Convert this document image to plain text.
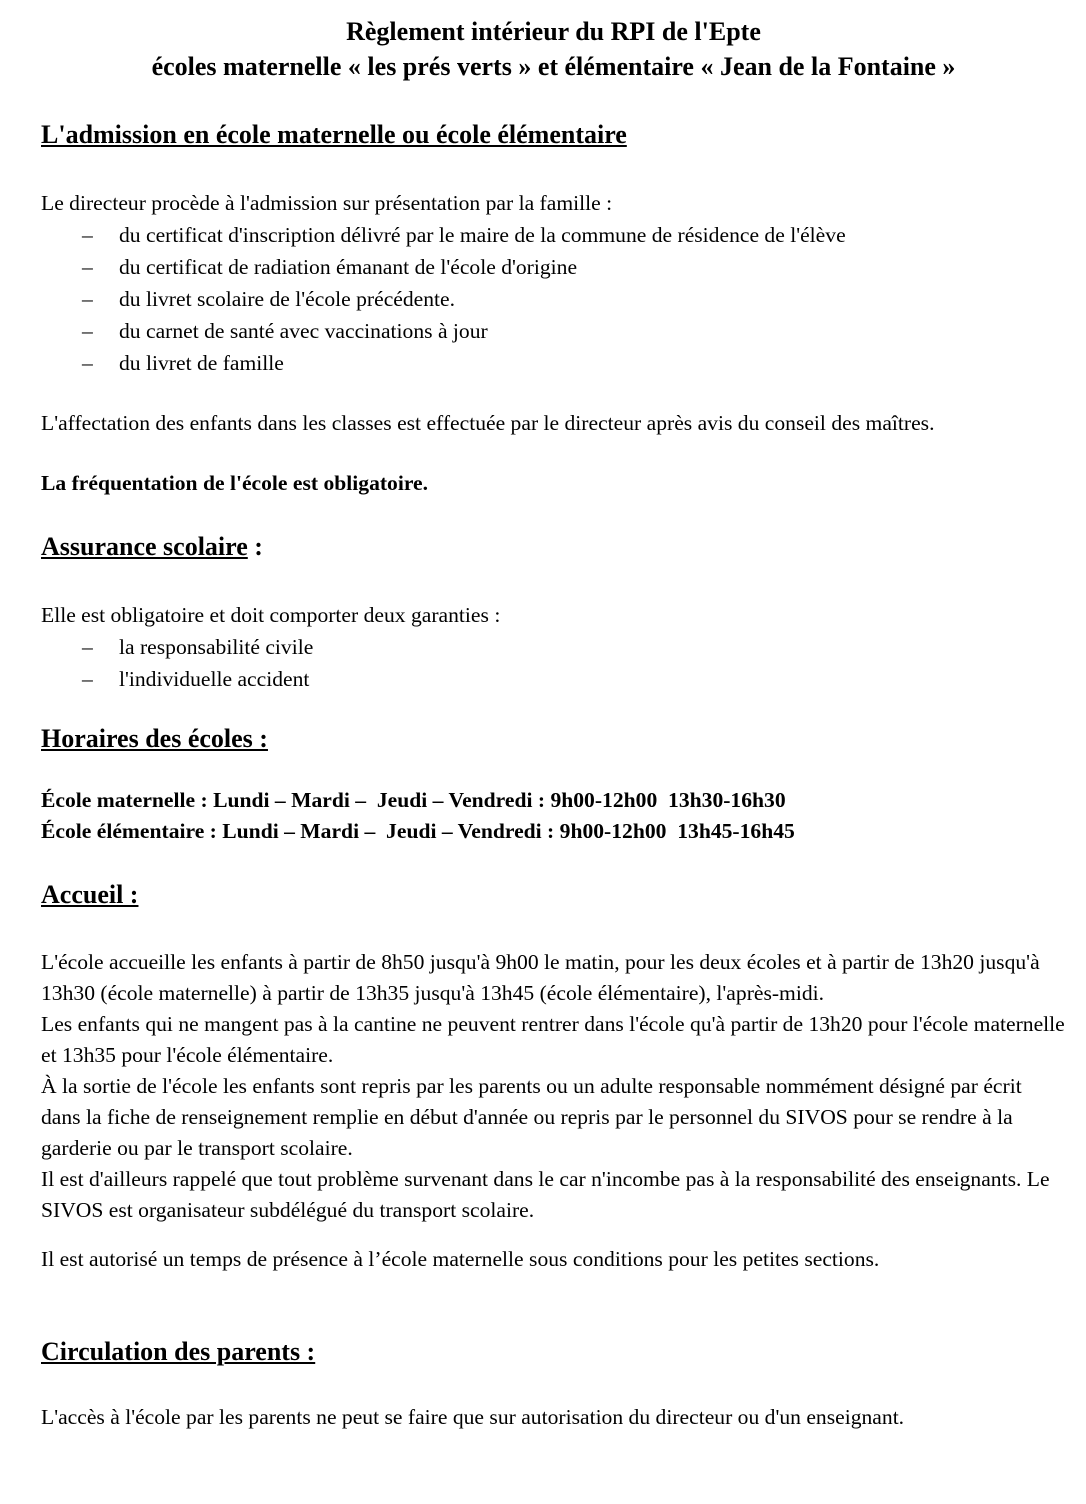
Règlement intérieur du RPI de l'Epte
écoles maternelle « les prés verts » et élémentaire « Jean de la Fontaine »
L'admission en école maternelle ou école élémentaire

Le directeur procède à l'admission sur présentation par la famille :

– du certificat d'inscription délivré par le maire de la commune de résidence de l'élève
– du certificat de radiation émanant de l'école d'origine
– du livret scolaire de l'école précédente.
– du carnet de santé avec vaccinations à jour
– du livret de famille

L'affectation des enfants dans les classes est effectuée par le directeur après avis du conseil des maîtres.

La fréquentation de l'école est obligatoire.

Assurance scolaire :

Elle est obligatoire et doit comporter deux garanties :

– la responsabilité civile
– l'individuelle accident
Horaires des écoles :

École maternelle : Lundi – Mardi –  Jeudi – Vendredi : 9h00-12h00  13h30-16h30

École élémentaire : Lundi – Mardi –  Jeudi – Vendredi : 9h00-12h00  13h45-16h45

Accueil :

L'école accueille les enfants à partir de 8h50 jusqu'à 9h00 le matin, pour les deux écoles et à partir de 13h20 jusqu'à 13h30 (école maternelle) à partir de 13h35 jusqu'à 13h45 (école élémentaire), l'après-midi.

Les enfants qui ne mangent pas à la cantine ne peuvent rentrer dans l'école qu'à partir de 13h20 pour l'école maternelle et 13h35 pour l'école élémentaire.

À la sortie de l'école les enfants sont repris par les parents ou un adulte responsable nommément désigné par écrit dans la fiche de renseignement remplie en début d'année ou repris par le personnel du SIVOS pour se rendre à la garderie ou par le transport scolaire.

Il est d'ailleurs rappelé que tout problème survenant dans le car n'incombe pas à la responsabilité des enseignants. Le SIVOS est organisateur subdélégué du transport scolaire.

Il est autorisé un temps de présence à l’école maternelle sous conditions pour les petites sections.

Circulation des parents :

L'accès à l'école par les parents ne peut se faire que sur autorisation du directeur ou d'un enseignant.
